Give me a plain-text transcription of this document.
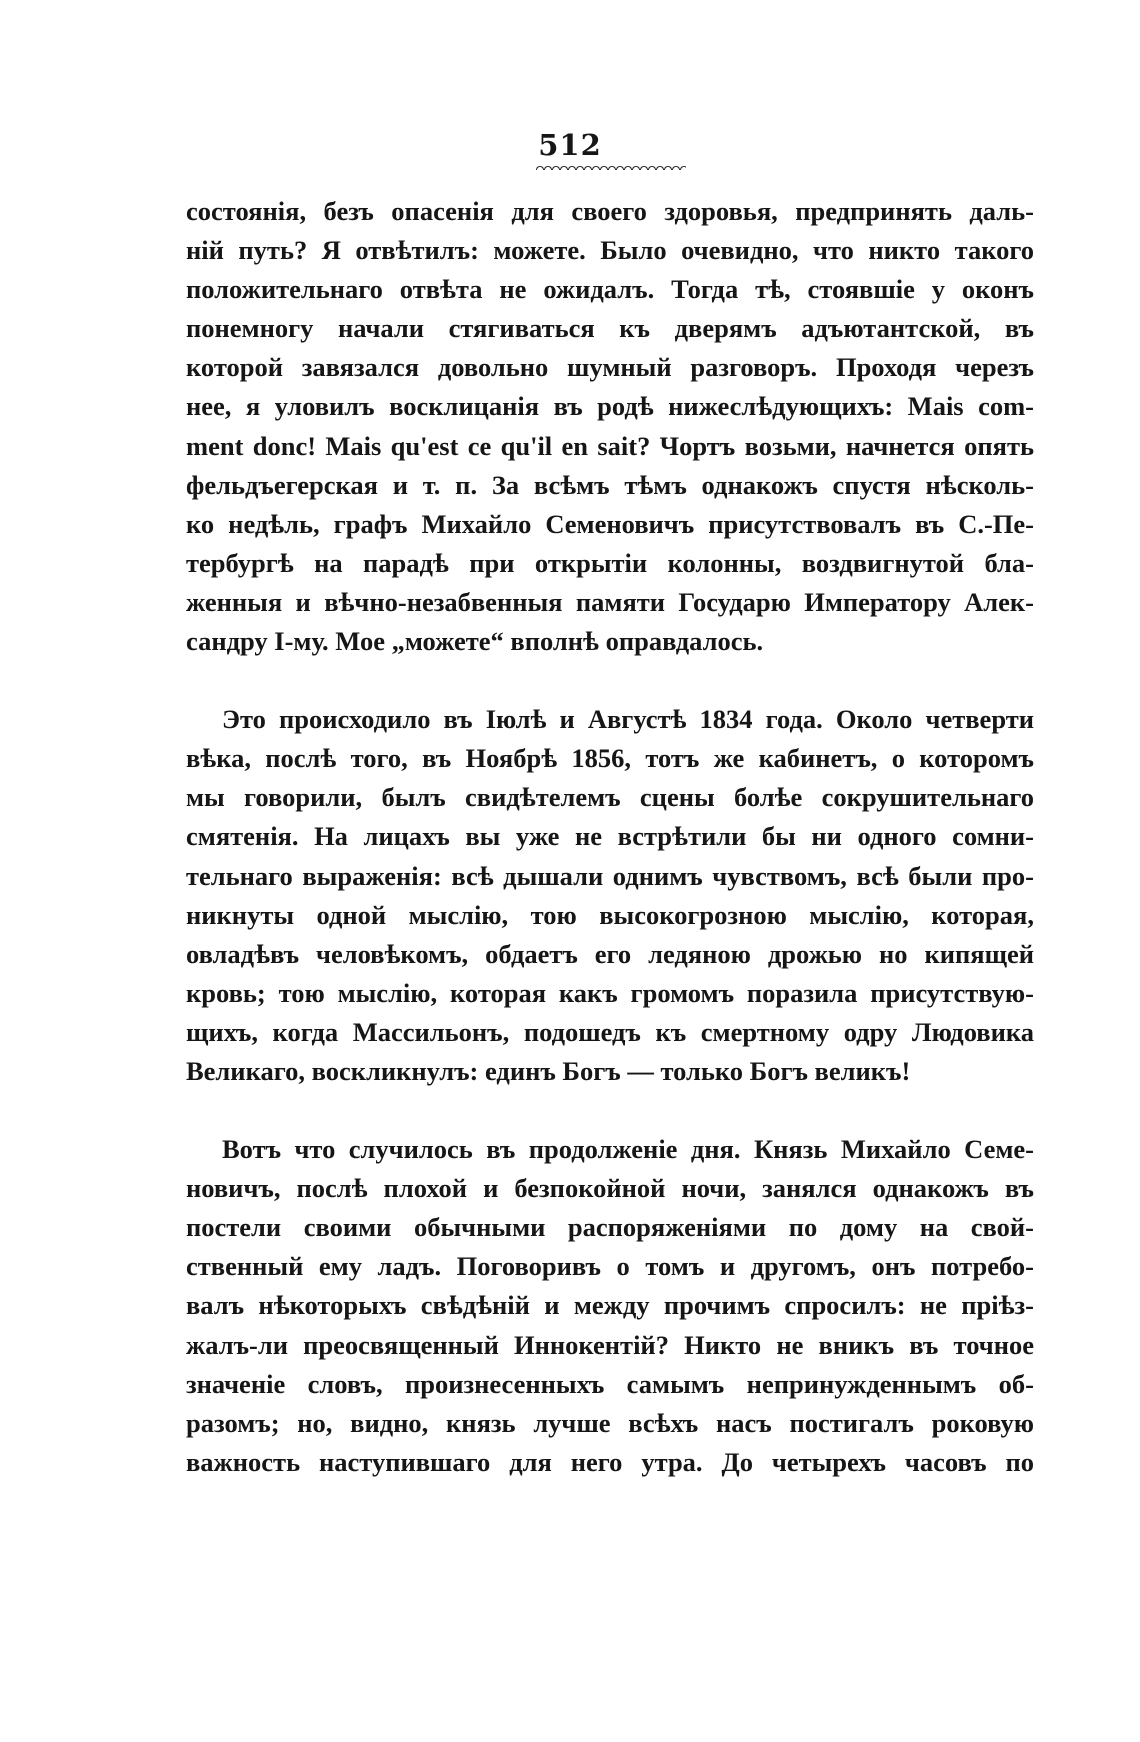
512
состоянія, безъ опасенія для своего здоровья, предпринять даль-
ній путь? Я отвѣтилъ: можете. Было очевидно, что никто такого
положительнаго отвѣта не ожидалъ. Тогда тѣ, стоявшіе у оконъ
понемногу начали стягиваться къ дверямъ адъютантской, въ
которой завязался довольно шумный разговоръ. Проходя черезъ
нее, я уловилъ восклицанія въ родѣ нижеслѣдующихъ: Mais com-
ment donc! Mais qu'est ce qu'il en sait? Чортъ возьми, начнется опять
фельдъегерская и т. п. За всѣмъ тѣмъ однакожъ спустя нѣсколь-
ко недѣль, графъ Михайло Семеновичъ присутствовалъ въ С.-Пе-
тербургѣ на парадѣ при открытіи колонны, воздвигнутой бла-
женныя и вѣчно-незабвенныя памяти Государю Императору Алек-
сандру I-му. Мое „можете“ вполнѣ оправдалось.
Это происходило въ Іюлѣ и Августѣ 1834 года. Около четверти
вѣка, послѣ того, въ Ноябрѣ 1856, тотъ же кабинетъ, о которомъ
мы говорили, былъ свидѣтелемъ сцены болѣе сокрушительнаго
смятенія. На лицахъ вы уже не встрѣтили бы ни одного сомни-
тельнаго выраженія: всѣ дышали однимъ чувствомъ, всѣ были про-
никнуты одной мыслію, тою высокогрозною мыслію, которая,
овладѣвъ человѣкомъ, обдаетъ его ледяною дрожью но кипящей
кровь; тою мыслію, которая какъ громомъ поразила присутствую-
щихъ, когда Массильонъ, подошедъ къ смертному одру Людовика
Великаго, воскликнулъ: единъ Богъ — только Богъ великъ!
Вотъ что случилось въ продолженіе дня. Князь Михайло Семе-
новичъ, послѣ плохой и безпокойной ночи, занялся однакожъ въ
постели своими обычными распоряженіями по дому на свой-
ственный ему ладъ. Поговоривъ о томъ и другомъ, онъ потребо-
валъ нѣкоторыхъ свѣдѣній и между прочимъ спросилъ: не пріѣз-
жалъ-ли преосвященный Иннокентій? Никто не вникъ въ точное
значеніе словъ, произнесенныхъ самымъ непринужденнымъ об-
разомъ; но, видно, князь лучше всѣхъ насъ постигалъ роковую
важность наступившаго для него утра. До четырехъ часовъ по
